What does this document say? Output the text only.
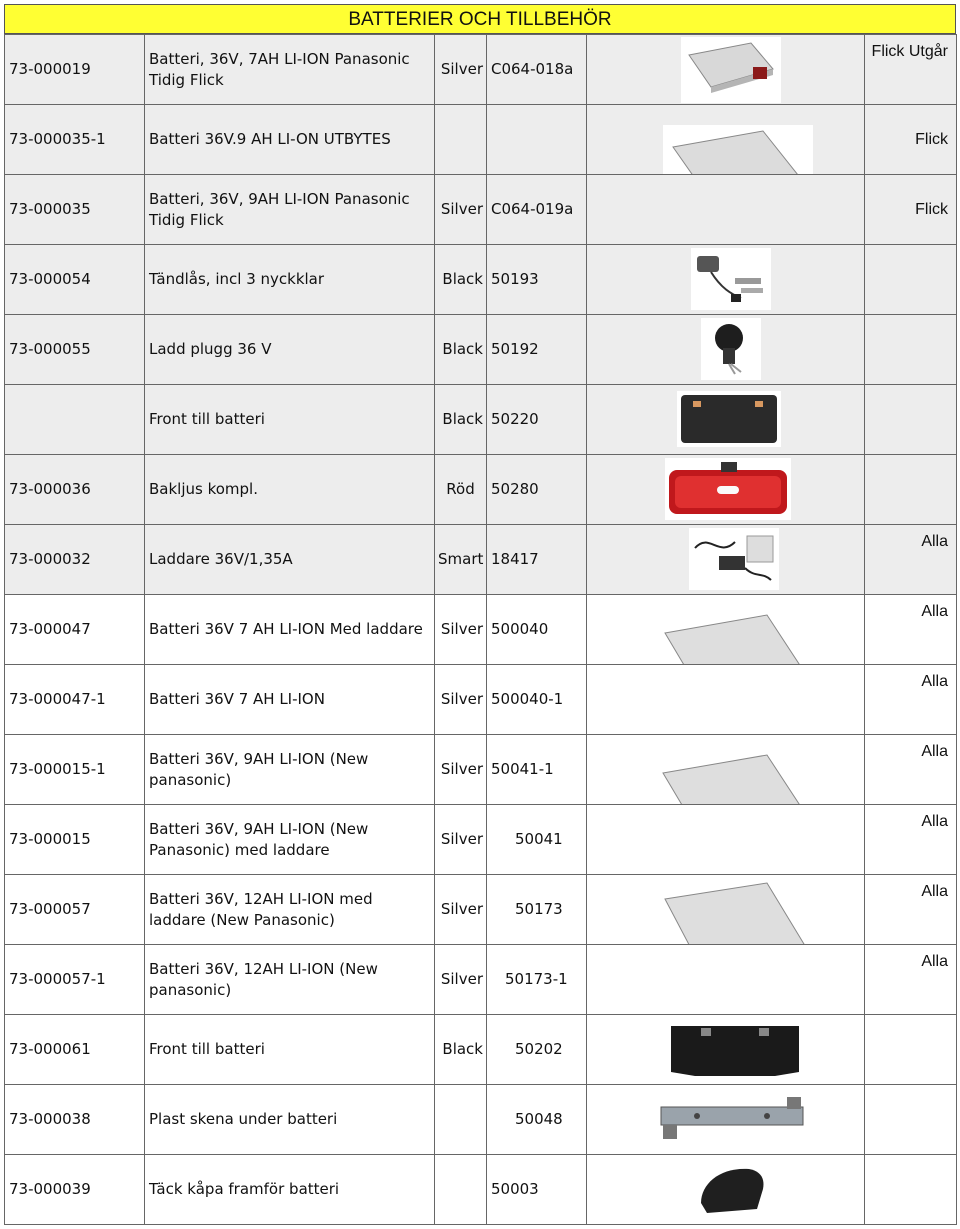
BATTERIER OCH TILLBEHÖR
73-000019	Batteri, 36V, 7AH LI-ION Panasonic Tidig Flick	Silver	C064-018a		Flick Utgår

73-000035-1	Batteri 36V.9 AH LI-ON UTBYTES				Flick

73-000035	Batteri, 36V, 9AH LI-ION Panasonic Tidig Flick	Silver	C064-019a		Flick

73-000054	Tändlås, incl 3 nyckklar	Black	50193	

73-000055	Ladd plugg 36 V	Black	50192	

	Front till batteri	Black	50220	

73-000036	Bakljus kompl.	Röd	50280	

73-000032	Laddare 36V/1,35A	Smart	18417		Alla

73-000047	Batteri 36V 7 AH LI-ION Med laddare	Silver	500040		Alla

73-000047-1	Batteri 36V 7 AH LI-ION	Silver	500040-1		Alla

73-000015-1	Batteri 36V, 9AH LI-ION (New panasonic)	Silver	50041-1		Alla

73-000015	Batteri 36V, 9AH LI-ION (New Panasonic) med laddare	Silver	50041		Alla

73-000057	Batteri 36V, 12AH LI-ION med laddare (New Panasonic)	Silver	50173		Alla

73-000057-1	Batteri 36V, 12AH LI-ION (New panasonic)	Silver	50173-1		Alla

73-000061	Front till batteri	Black	50202	

73-000038	Plast skena under batteri		50048	

73-000039	Täck kåpa framför batteri		50003	
